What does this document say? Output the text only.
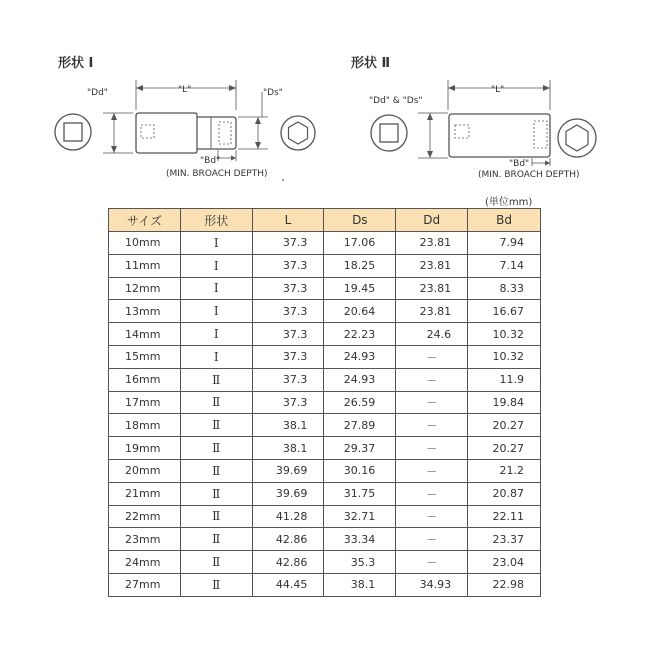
形状 Ⅰ	形状 Ⅱ
"Dd"	"L"	"Ds"
"Bd"
(MIN. BROACH DEPTH)
"Dd" & "Ds"
"L"
"Bd"
(MIN. BROACH DEPTH)
(単位mm)
サイズ	形状	L	Ds	Dd	Bd
10mm	Ⅰ	37.3	17.06	23.81	7.94
11mm	Ⅰ	37.3	18.25	23.81	7.14
12mm	Ⅰ	37.3	19.45	23.81	8.33
13mm	Ⅰ	37.3	20.64	23.81	16.67
14mm	Ⅰ	37.3	22.23	24.6	10.32
15mm	Ⅰ	37.3	24.93	－	10.32
16mm	Ⅱ	37.3	24.93	－	11.9
17mm	Ⅱ	37.3	26.59	－	19.84
18mm	Ⅱ	38.1	27.89	－	20.27
19mm	Ⅱ	38.1	29.37	－	20.27
20mm	Ⅱ	39.69	30.16	－	21.2
21mm	Ⅱ	39.69	31.75	－	20.87
22mm	Ⅱ	41.28	32.71	－	22.11
23mm	Ⅱ	42.86	33.34	－	23.37
24mm	Ⅱ	42.86	35.3	－	23.04
27mm	Ⅱ	44.45	38.1	34.93	22.98
